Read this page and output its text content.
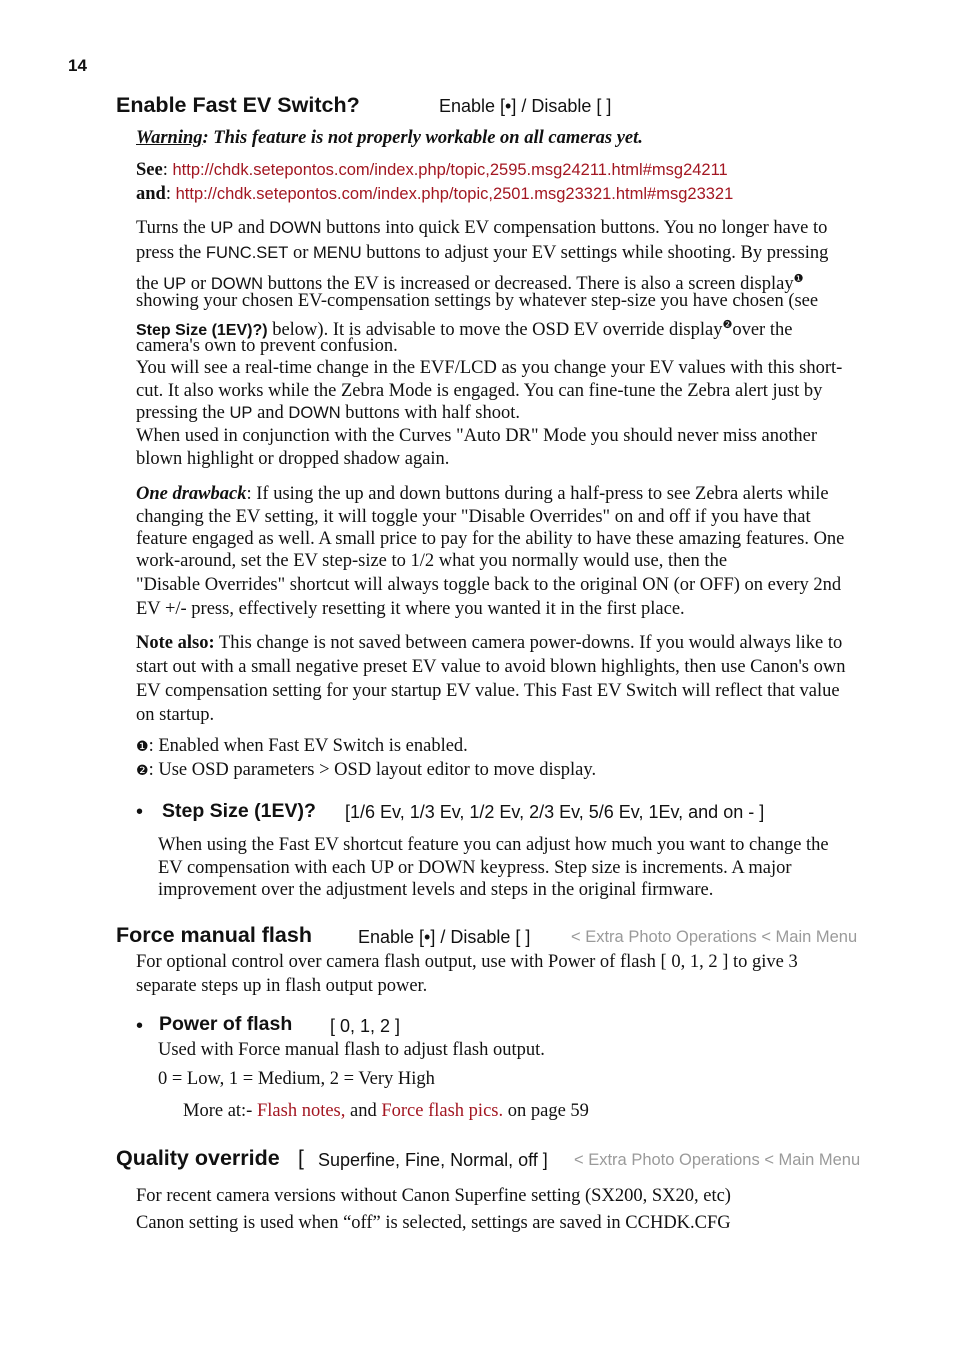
14
Enable Fast EV Switch?	Enable [•] / Disable [ ]
Warning: This feature is not properly workable on all cameras yet.
See: http://chdk.setepontos.com/index.php/topic,2595.msg24211.html#msg24211
and: http://chdk.setepontos.com/index.php/topic,2501.msg23321.html#msg23321
Turns the UP and DOWN buttons into quick EV compensation buttons. You no longer have to
press the FUNC.SET or MENU buttons to adjust your EV settings while shooting. By pressing
the UP or DOWN buttons the EV is increased or decreased. There is also a screen display$^❶$
showing your chosen EV-compensation settings by whatever step-size you have chosen (see
Step Size (1EV)?) below). It is advisable to move the OSD EV override display$^❷$over the
camera's own to prevent confusion.
You will see a real-time change in the EVF/LCD as you change your EV values with this short-
cut. It also works while the Zebra Mode is engaged. You can fine-tune the Zebra alert just by
pressing the UP and DOWN buttons with half shoot.
When used in conjunction with the Curves "Auto DR" Mode you should never miss another
blown highlight or dropped shadow again.
One drawback: If using the up and down buttons during a half-press to see Zebra alerts while
changing the EV setting, it will toggle your "Disable Overrides" on and off if you have that
feature engaged as well. A small price to pay for the ability to have these amazing features. One
work-around, set the EV step-size to 1/2 what you normally would use, then the
"Disable Overrides" shortcut will always toggle back to the original ON (or OFF) on every 2nd
EV +/- press, effectively resetting it where you wanted it in the first place.
Note also: This change is not saved between camera power-downs. If you would always like to
start out with a small negative preset EV value to avoid blown highlights, then use Canon's own
EV compensation setting for your startup EV value. This Fast EV Switch will reflect that value
on startup.
❶: Enabled when Fast EV Switch is enabled.
❷: Use OSD parameters > OSD layout editor to move display.
• Step Size (1EV)? [1/6 Ev, 1/3 Ev, 1/2 Ev, 2/3 Ev, 5/6 Ev, 1Ev, and on - ]
When using the Fast EV shortcut feature you can adjust how much you want to change the
EV compensation with each UP or DOWN keypress. Step size is increments. A major
improvement over the adjustment levels and steps in the original firmware.
Force manual flash	Enable [•] / Disable [ ] < Extra Photo Operations < Main Menu
For optional control over camera flash output, use with Power of flash [ 0, 1, 2 ] to give 3
separate steps up in flash output power.
• Power of flash [ 0, 1, 2 ]
Used with Force manual flash to adjust flash output.
0 = Low, 1 = Medium, 2 = Very High
More at:- Flash notes, and Force flash pics. on page 59
Quality override [ Superfine, Fine, Normal, off ] < Extra Photo Operations < Main Menu
For recent camera versions without Canon Superfine setting (SX200, SX20, etc)
Canon setting is used when “off” is selected, settings are saved in CCHDK.CFG
